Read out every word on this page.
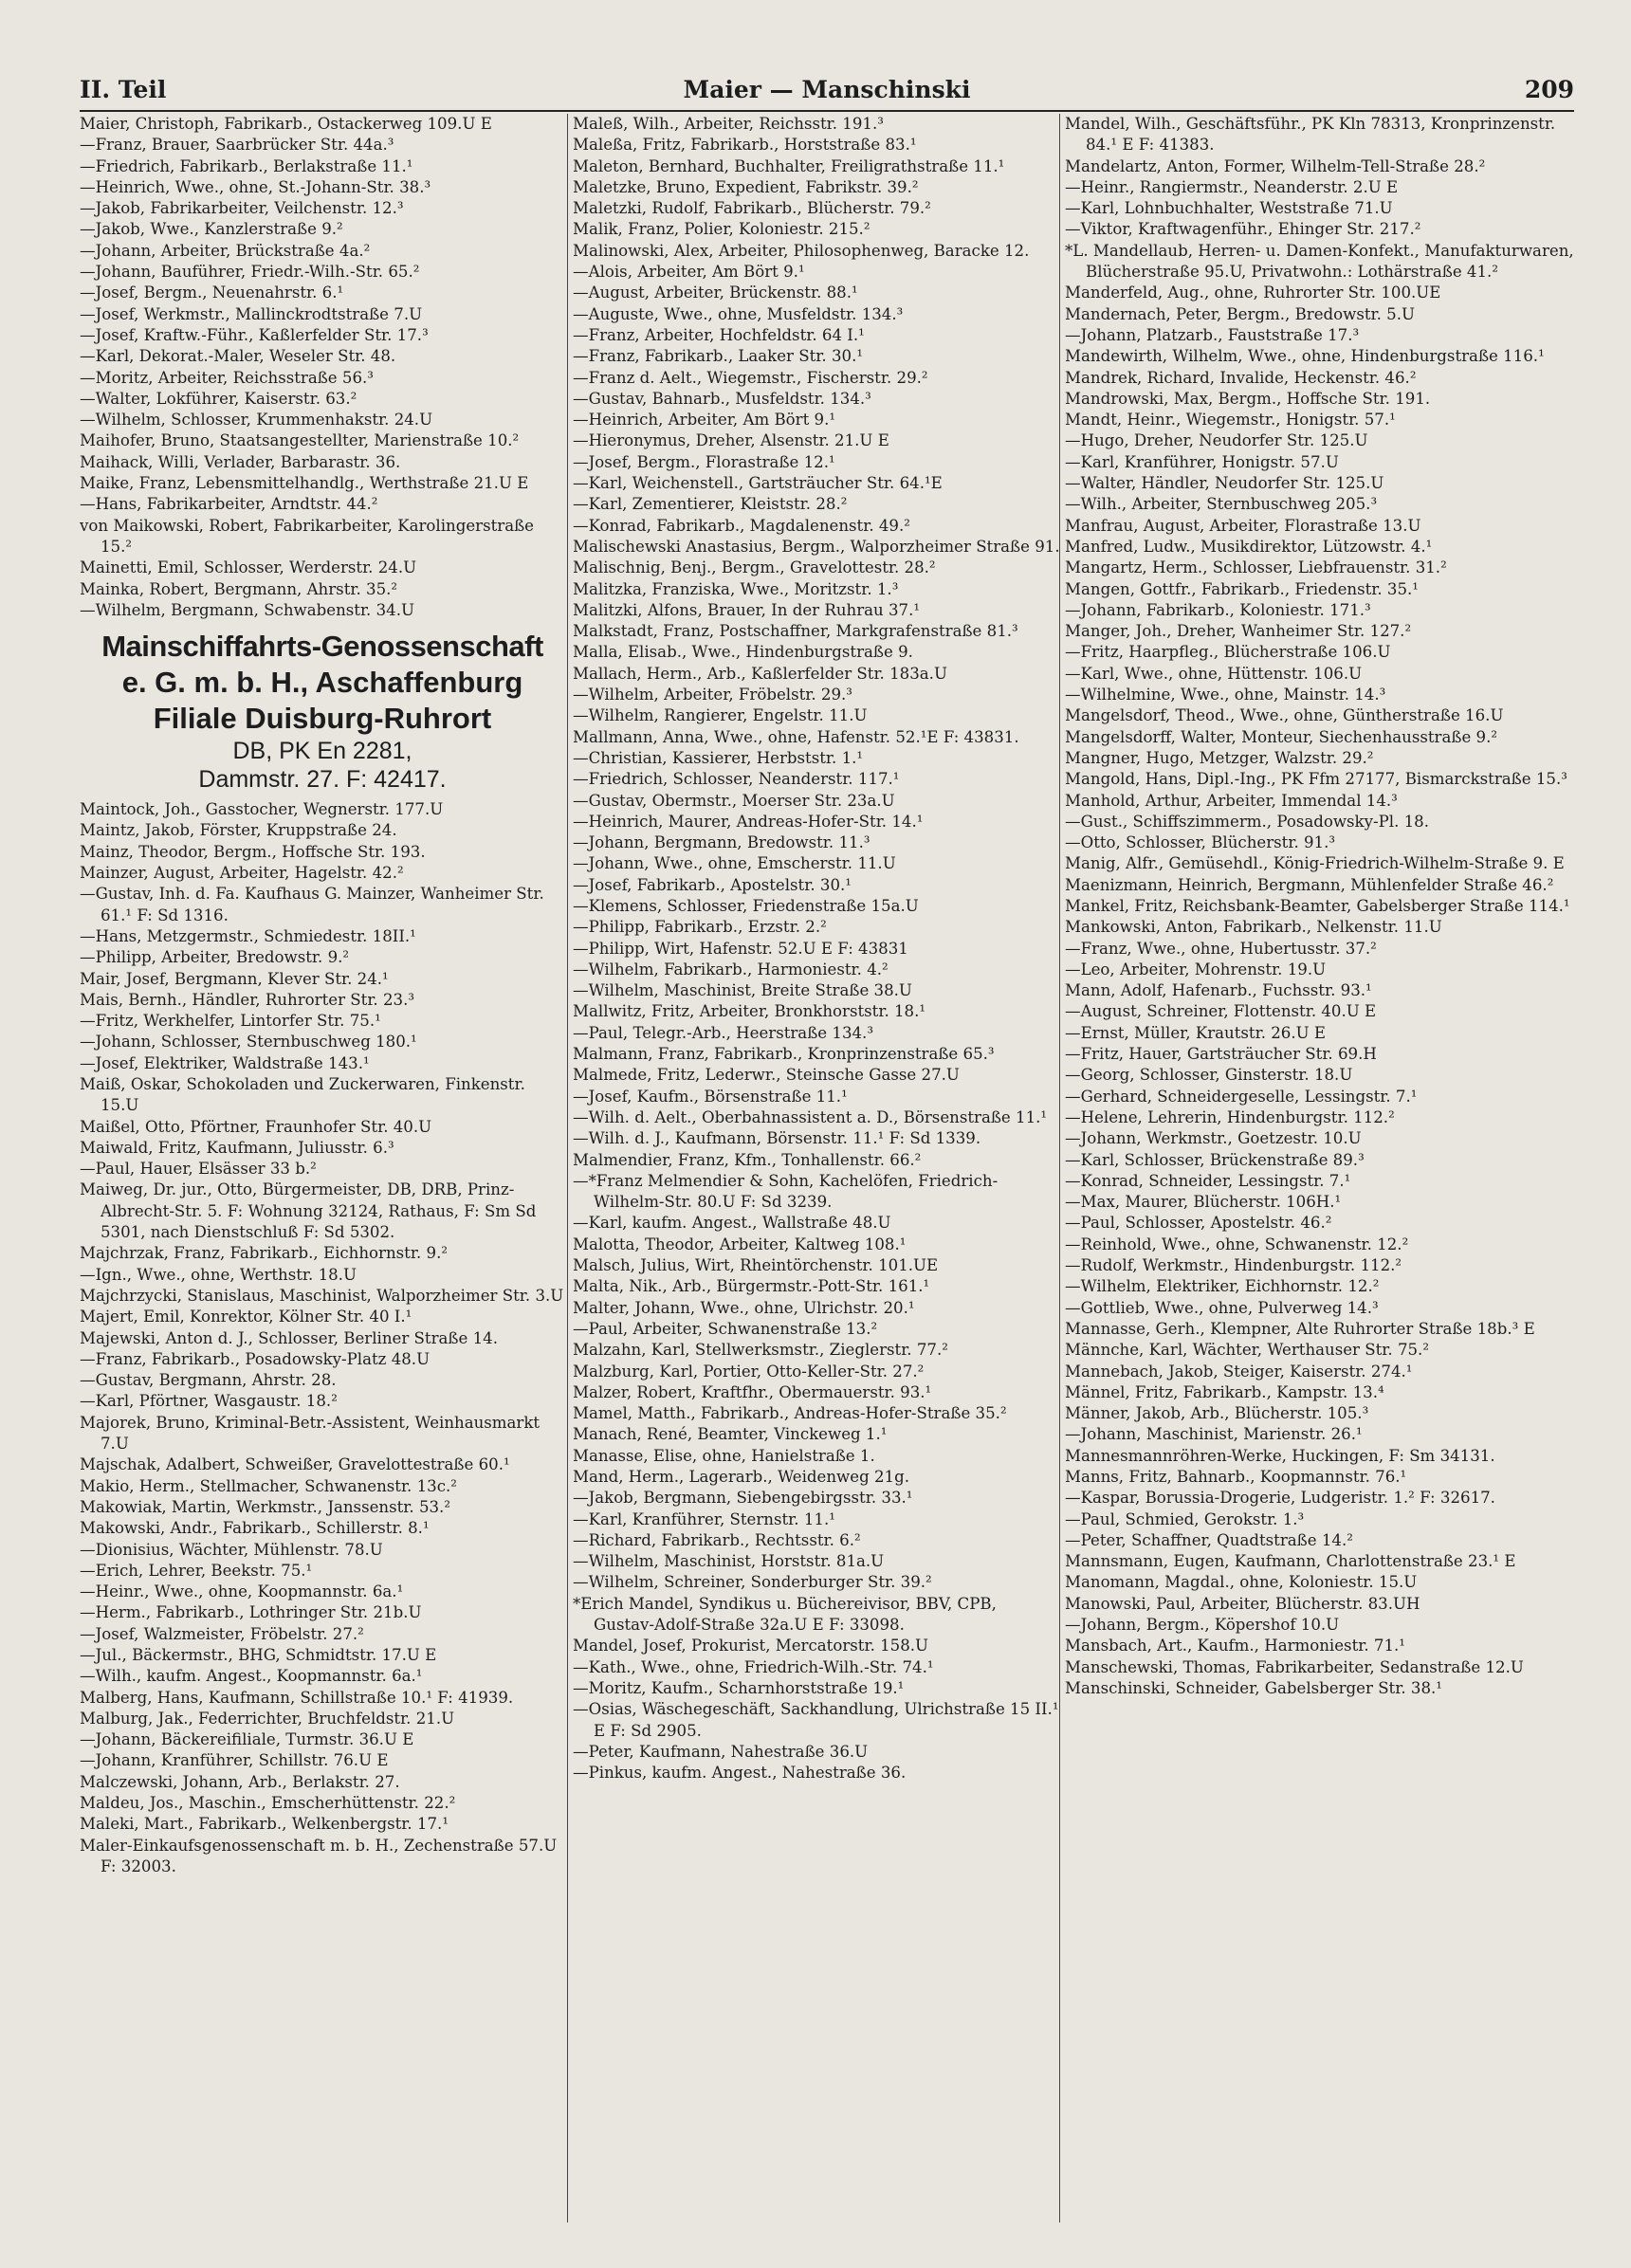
II. Teil	Maier — Manschinski	209

Maier, Christoph, Fabrikarb., Ostackerweg 109.U E

—Franz, Brauer, Saarbrücker Str. 44a.³

—Friedrich, Fabrikarb., Berlakstraße 11.¹

—Heinrich, Wwe., ohne, St.-Johann-Str. 38.³

—Jakob, Fabrikarbeiter, Veilchenstr. 12.³

—Jakob, Wwe., Kanzlerstraße 9.²

—Johann, Arbeiter, Brückstraße 4a.²

—Johann, Bauführer, Friedr.-Wilh.-Str. 65.²

—Josef, Bergm., Neuenahrstr. 6.¹

—Josef, Werkmstr., Mallinckrodtstraße 7.U

—Josef, Kraftw.-Führ., Kaßlerfelder Str. 17.³

—Karl, Dekorat.-Maler, Weseler Str. 48.

—Moritz, Arbeiter, Reichsstraße 56.³

—Walter, Lokführer, Kaiserstr. 63.²

—Wilhelm, Schlosser, Krummenhakstr. 24.U

Maihofer, Bruno, Staatsangestellter, Marienstraße 10.²

Maihack, Willi, Verlader, Barbarastr. 36.

Maike, Franz, Lebensmittelhandlg., Werthstraße 21.U E

—Hans, Fabrikarbeiter, Arndtstr. 44.²

von Maikowski, Robert, Fabrikarbeiter, Karolingerstraße 15.²

Mainetti, Emil, Schlosser, Werderstr. 24.U

Mainka, Robert, Bergmann, Ahrstr. 35.²

—Wilhelm, Bergmann, Schwabenstr. 34.U

Mainschiffahrts-Genossenschaft
e. G. m. b. H., Aschaffenburg
Filiale Duisburg-Ruhrort
DB, PK En 2281,
Dammstr. 27. F: 42417.

Maintock, Joh., Gasstocher, Wegnerstr. 177.U

Maintz, Jakob, Förster, Kruppstraße 24.

Mainz, Theodor, Bergm., Hoffsche Str. 193.

Mainzer, August, Arbeiter, Hagelstr. 42.²

—Gustav, Inh. d. Fa. Kaufhaus G. Mainzer, Wanheimer Str. 61.¹ F: Sd 1316.

—Hans, Metzgermstr., Schmiedestr. 18II.¹

—Philipp, Arbeiter, Bredowstr. 9.²

Mair, Josef, Bergmann, Klever Str. 24.¹

Mais, Bernh., Händler, Ruhrorter Str. 23.³

—Fritz, Werkhelfer, Lintorfer Str. 75.¹

—Johann, Schlosser, Sternbuschweg 180.¹

—Josef, Elektriker, Waldstraße 143.¹

Maiß, Oskar, Schokoladen und Zuckerwaren, Finkenstr. 15.U

Maißel, Otto, Pförtner, Fraunhofer Str. 40.U

Maiwald, Fritz, Kaufmann, Juliusstr. 6.³

—Paul, Hauer, Elsässer 33 b.²

Maiweg, Dr. jur., Otto, Bürgermeister, DB, DRB, Prinz-Albrecht-Str. 5. F: Wohnung 32124, Rathaus, F: Sm Sd 5301, nach Dienstschluß F: Sd 5302.

Majchrzak, Franz, Fabrikarb., Eichhornstr. 9.²

—Ign., Wwe., ohne, Werthstr. 18.U

Majchrzycki, Stanislaus, Maschinist, Walporzheimer Str. 3.U

Majert, Emil, Konrektor, Kölner Str. 40 I.¹

Majewski, Anton d. J., Schlosser, Berliner Straße 14.

—Franz, Fabrikarb., Posadowsky-Platz 48.U

—Gustav, Bergmann, Ahrstr. 28.

—Karl, Pförtner, Wasgaustr. 18.²

Majorek, Bruno, Kriminal-Betr.-Assistent, Weinhausmarkt 7.U

Majschak, Adalbert, Schweißer, Gravelottestraße 60.¹

Makio, Herm., Stellmacher, Schwanenstr. 13c.²

Makowiak, Martin, Werkmstr., Janssenstr. 53.²

Makowski, Andr., Fabrikarb., Schillerstr. 8.¹

—Dionisius, Wächter, Mühlenstr. 78.U

—Erich, Lehrer, Beekstr. 75.¹

—Heinr., Wwe., ohne, Koopmannstr. 6a.¹

—Herm., Fabrikarb., Lothringer Str. 21b.U

—Josef, Walzmeister, Fröbelstr. 27.²

—Jul., Bäckermstr., BHG, Schmidtstr. 17.U E

—Wilh., kaufm. Angest., Koopmannstr. 6a.¹

Malberg, Hans, Kaufmann, Schillstraße 10.¹ F: 41939.

Malburg, Jak., Federrichter, Bruchfeldstr. 21.U

—Johann, Bäckereifiliale, Turmstr. 36.U E

—Johann, Kranführer, Schillstr. 76.U E

Malczewski, Johann, Arb., Berlakstr. 27.

Maldeu, Jos., Maschin., Emscherhüttenstr. 22.²

Maleki, Mart., Fabrikarb., Welkenbergstr. 17.¹

Maler-Einkaufsgenossenschaft m. b. H., Zechenstraße 57.U F: 32003.

Maleß, Wilh., Arbeiter, Reichsstr. 191.³

Maleßa, Fritz, Fabrikarb., Horststraße 83.¹

Maleton, Bernhard, Buchhalter, Freiligrathstraße 11.¹

Maletzke, Bruno, Expedient, Fabrikstr. 39.²

Maletzki, Rudolf, Fabrikarb., Blücherstr. 79.²

Malik, Franz, Polier, Koloniestr. 215.²

Malinowski, Alex, Arbeiter, Philosophenweg, Baracke 12.

—Alois, Arbeiter, Am Bört 9.¹

—August, Arbeiter, Brückenstr. 88.¹

—Auguste, Wwe., ohne, Musfeldstr. 134.³

—Franz, Arbeiter, Hochfeldstr. 64 I.¹

—Franz, Fabrikarb., Laaker Str. 30.¹

—Franz d. Aelt., Wiegemstr., Fischerstr. 29.²

—Gustav, Bahnarb., Musfeldstr. 134.³

—Heinrich, Arbeiter, Am Bört 9.¹

—Hieronymus, Dreher, Alsenstr. 21.U E

—Josef, Bergm., Florastraße 12.¹

—Karl, Weichenstell., Gartsträucher Str. 64.¹E

—Karl, Zementierer, Kleiststr. 28.²

—Konrad, Fabrikarb., Magdalenenstr. 49.²

Malischewski Anastasius, Bergm., Walporzheimer Straße 91.

Malischnig, Benj., Bergm., Gravelottestr. 28.²

Malitzka, Franziska, Wwe., Moritzstr. 1.³

Malitzki, Alfons, Brauer, In der Ruhrau 37.¹

Malkstadt, Franz, Postschaffner, Markgrafenstraße 81.³

Malla, Elisab., Wwe., Hindenburgstraße 9.

Mallach, Herm., Arb., Kaßlerfelder Str. 183a.U

—Wilhelm, Arbeiter, Fröbelstr. 29.³

—Wilhelm, Rangierer, Engelstr. 11.U

Mallmann, Anna, Wwe., ohne, Hafenstr. 52.¹E F: 43831.

—Christian, Kassierer, Herbststr. 1.¹

—Friedrich, Schlosser, Neanderstr. 117.¹

—Gustav, Obermstr., Moerser Str. 23a.U

—Heinrich, Maurer, Andreas-Hofer-Str. 14.¹

—Johann, Bergmann, Bredowstr. 11.³

—Johann, Wwe., ohne, Emscherstr. 11.U

—Josef, Fabrikarb., Apostelstr. 30.¹

—Klemens, Schlosser, Friedenstraße 15a.U

—Philipp, Fabrikarb., Erzstr. 2.²

—Philipp, Wirt, Hafenstr. 52.U E F: 43831

—Wilhelm, Fabrikarb., Harmoniestr. 4.²

—Wilhelm, Maschinist, Breite Straße 38.U

Mallwitz, Fritz, Arbeiter, Bronkhorststr. 18.¹

—Paul, Telegr.-Arb., Heerstraße 134.³

Malmann, Franz, Fabrikarb., Kronprinzenstraße 65.³

Malmede, Fritz, Lederwr., Steinsche Gasse 27.U

—Josef, Kaufm., Börsenstraße 11.¹

—Wilh. d. Aelt., Oberbahnassistent a. D., Börsenstraße 11.¹

—Wilh. d. J., Kaufmann, Börsenstr. 11.¹ F: Sd 1339.

Malmendier, Franz, Kfm., Tonhallenstr. 66.²

—*Franz Melmendier & Sohn, Kachelöfen, Friedrich-Wilhelm-Str. 80.U F: Sd 3239.

—Karl, kaufm. Angest., Wallstraße 48.U

Malotta, Theodor, Arbeiter, Kaltweg 108.¹

Malsch, Julius, Wirt, Rheintörchenstr. 101.UE

Malta, Nik., Arb., Bürgermstr.-Pott-Str. 161.¹

Malter, Johann, Wwe., ohne, Ulrichstr. 20.¹

—Paul, Arbeiter, Schwanenstraße 13.²

Malzahn, Karl, Stellwerksmstr., Zieglerstr. 77.²

Malzburg, Karl, Portier, Otto-Keller-Str. 27.²

Malzer, Robert, Kraftfhr., Obermauerstr. 93.¹

Mamel, Matth., Fabrikarb., Andreas-Hofer-Straße 35.²

Manach, René, Beamter, Vinckeweg 1.¹

Manasse, Elise, ohne, Hanielstraße 1.

Mand, Herm., Lagerarb., Weidenweg 21g.

—Jakob, Bergmann, Siebengebirgsstr. 33.¹

—Karl, Kranführer, Sternstr. 11.¹

—Richard, Fabrikarb., Rechtsstr. 6.²

—Wilhelm, Maschinist, Horststr. 81a.U

—Wilhelm, Schreiner, Sonderburger Str. 39.²

*Erich Mandel, Syndikus u. Büchereivisor, BBV, CPB, Gustav-Adolf-Straße 32a.U E F: 33098.

Mandel, Josef, Prokurist, Mercatorstr. 158.U

—Kath., Wwe., ohne, Friedrich-Wilh.-Str. 74.¹

—Moritz, Kaufm., Scharnhorststraße 19.¹

—Osias, Wäschegeschäft, Sackhandlung, Ulrichstraße 15 II.¹ E F: Sd 2905.

—Peter, Kaufmann, Nahestraße 36.U

—Pinkus, kaufm. Angest., Nahestraße 36.

Mandel, Wilh., Geschäftsführ., PK Kln 78313, Kronprinzenstr. 84.¹ E F: 41383.

Mandelartz, Anton, Former, Wilhelm-Tell-Straße 28.²

—Heinr., Rangiermstr., Neanderstr. 2.U E

—Karl, Lohnbuchhalter, Weststraße 71.U

—Viktor, Kraftwagenführ., Ehinger Str. 217.²

*L. Mandellaub, Herren- u. Damen-Konfekt., Manufakturwaren, Blücherstraße 95.U, Privatwohn.: Lothärstraße 41.²

Manderfeld, Aug., ohne, Ruhrorter Str. 100.UE

Mandernach, Peter, Bergm., Bredowstr. 5.U

—Johann, Platzarb., Fauststraße 17.³

Mandewirth, Wilhelm, Wwe., ohne, Hindenburgstraße 116.¹

Mandrek, Richard, Invalide, Heckenstr. 46.²

Mandrowski, Max, Bergm., Hoffsche Str. 191.

Mandt, Heinr., Wiegemstr., Honigstr. 57.¹

—Hugo, Dreher, Neudorfer Str. 125.U

—Karl, Kranführer, Honigstr. 57.U

—Walter, Händler, Neudorfer Str. 125.U

—Wilh., Arbeiter, Sternbuschweg 205.³

Manfrau, August, Arbeiter, Florastraße 13.U

Manfred, Ludw., Musikdirektor, Lützowstr. 4.¹

Mangartz, Herm., Schlosser, Liebfrauenstr. 31.²

Mangen, Gottfr., Fabrikarb., Friedenstr. 35.¹

—Johann, Fabrikarb., Koloniestr. 171.³

Manger, Joh., Dreher, Wanheimer Str. 127.²

—Fritz, Haarpfleg., Blücherstraße 106.U

—Karl, Wwe., ohne, Hüttenstr. 106.U

—Wilhelmine, Wwe., ohne, Mainstr. 14.³

Mangelsdorf, Theod., Wwe., ohne, Güntherstraße 16.U

Mangelsdorff, Walter, Monteur, Siechenhausstraße 9.²

Mangner, Hugo, Metzger, Walzstr. 29.²

Mangold, Hans, Dipl.-Ing., PK Ffm 27177, Bismarckstraße 15.³

Manhold, Arthur, Arbeiter, Immendal 14.³

—Gust., Schiffszimmerm., Posadowsky-Pl. 18.

—Otto, Schlosser, Blücherstr. 91.³

Manig, Alfr., Gemüsehdl., König-Friedrich-Wilhelm-Straße 9. E

Maenizmann, Heinrich, Bergmann, Mühlenfelder Straße 46.²

Mankel, Fritz, Reichsbank-Beamter, Gabelsberger Straße 114.¹

Mankowski, Anton, Fabrikarb., Nelkenstr. 11.U

—Franz, Wwe., ohne, Hubertusstr. 37.²

—Leo, Arbeiter, Mohrenstr. 19.U

Mann, Adolf, Hafenarb., Fuchsstr. 93.¹

—August, Schreiner, Flottenstr. 40.U E

—Ernst, Müller, Krautstr. 26.U E

—Fritz, Hauer, Gartsträucher Str. 69.H

—Georg, Schlosser, Ginsterstr. 18.U

—Gerhard, Schneidergeselle, Lessingstr. 7.¹

—Helene, Lehrerin, Hindenburgstr. 112.²

—Johann, Werkmstr., Goetzestr. 10.U

—Karl, Schlosser, Brückenstraße 89.³

—Konrad, Schneider, Lessingstr. 7.¹

—Max, Maurer, Blücherstr. 106H.¹

—Paul, Schlosser, Apostelstr. 46.²

—Reinhold, Wwe., ohne, Schwanenstr. 12.²

—Rudolf, Werkmstr., Hindenburgstr. 112.²

—Wilhelm, Elektriker, Eichhornstr. 12.²

—Gottlieb, Wwe., ohne, Pulverweg 14.³

Mannasse, Gerh., Klempner, Alte Ruhrorter Straße 18b.³ E

Männche, Karl, Wächter, Werthauser Str. 75.²

Mannebach, Jakob, Steiger, Kaiserstr. 274.¹

Männel, Fritz, Fabrikarb., Kampstr. 13.⁴

Männer, Jakob, Arb., Blücherstr. 105.³

—Johann, Maschinist, Marienstr. 26.¹

Mannesmannröhren-Werke, Huckingen, F: Sm 34131.

Manns, Fritz, Bahnarb., Koopmannstr. 76.¹

—Kaspar, Borussia-Drogerie, Ludgeristr. 1.² F: 32617.

—Paul, Schmied, Gerokstr. 1.³

—Peter, Schaffner, Quadtstraße 14.²

Mannsmann, Eugen, Kaufmann, Charlottenstraße 23.¹ E

Manomann, Magdal., ohne, Koloniestr. 15.U

Manowski, Paul, Arbeiter, Blücherstr. 83.UH

—Johann, Bergm., Köpershof 10.U

Mansbach, Art., Kaufm., Harmoniestr. 71.¹

Manschewski, Thomas, Fabrikarbeiter, Sedanstraße 12.U

Manschinski, Schneider, Gabelsberger Str. 38.¹
